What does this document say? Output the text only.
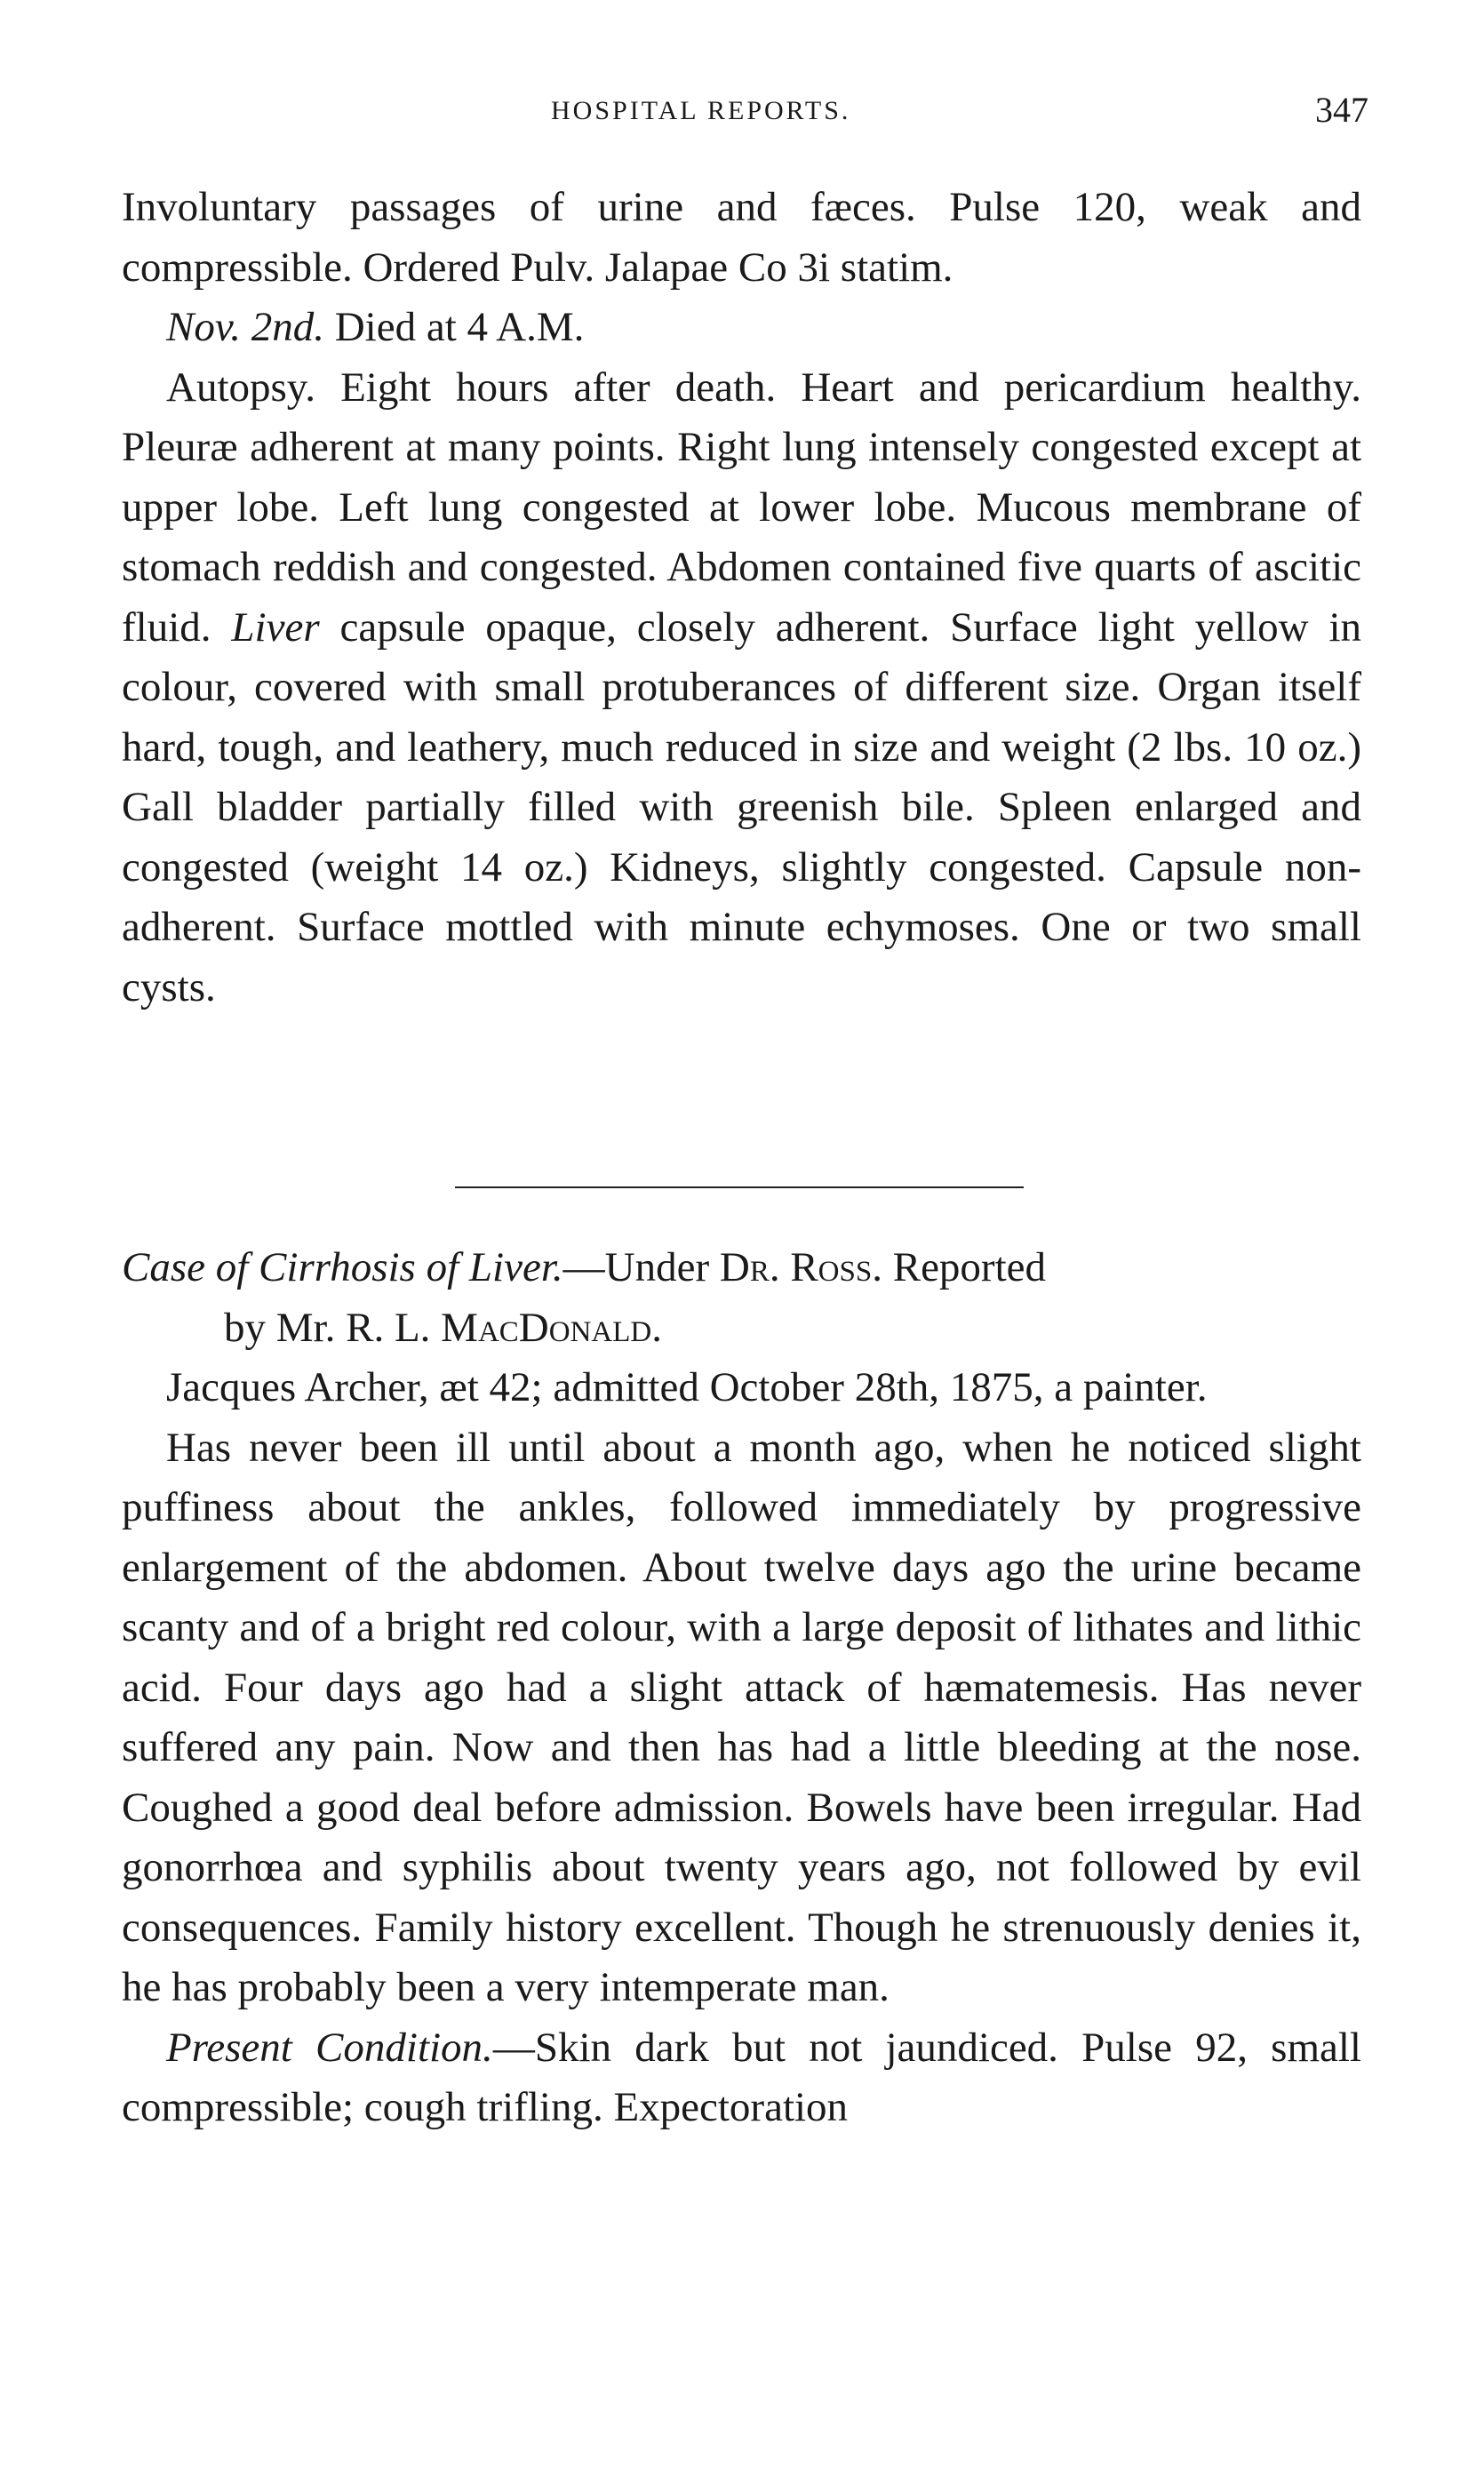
HOSPITAL REPORTS.	347

Involuntary passages of urine and fæces. Pulse 120, weak and compressible. Ordered Pulv. Jalapae Co 3i statim.

Nov. 2nd. Died at 4 A.M.

Autopsy. Eight hours after death. Heart and pericardium healthy. Pleuræ adherent at many points. Right lung intensely congested except at upper lobe. Left lung congested at lower lobe. Mucous membrane of stomach reddish and congested. Abdomen contained five quarts of ascitic fluid. Liver capsule opaque, closely adherent. Surface light yellow in colour, covered with small protuberances of different size. Organ itself hard, tough, and leathery, much reduced in size and weight (2 lbs. 10 oz.) Gall bladder partially filled with greenish bile. Spleen enlarged and congested (weight 14 oz.) Kidneys, slightly congested. Capsule non-adherent. Surface mottled with minute echymoses. One or two small cysts.

Case of Cirrhosis of Liver.—Under Dr. Ross. Reported
by Mr. R. L. MacDonald.

Jacques Archer, æt 42; admitted October 28th, 1875, a painter.

Has never been ill until about a month ago, when he noticed slight puffiness about the ankles, followed immediately by progressive enlargement of the abdomen. About twelve days ago the urine became scanty and of a bright red colour, with a large deposit of lithates and lithic acid. Four days ago had a slight attack of hæmatemesis. Has never suffered any pain. Now and then has had a little bleeding at the nose. Coughed a good deal before admission. Bowels have been irregular. Had gonorrhœa and syphilis about twenty years ago, not followed by evil consequences. Family history excellent. Though he strenuously denies it, he has probably been a very intemperate man.

Present Condition.—Skin dark but not jaundiced. Pulse 92, small compressible; cough trifling. Expectoration
